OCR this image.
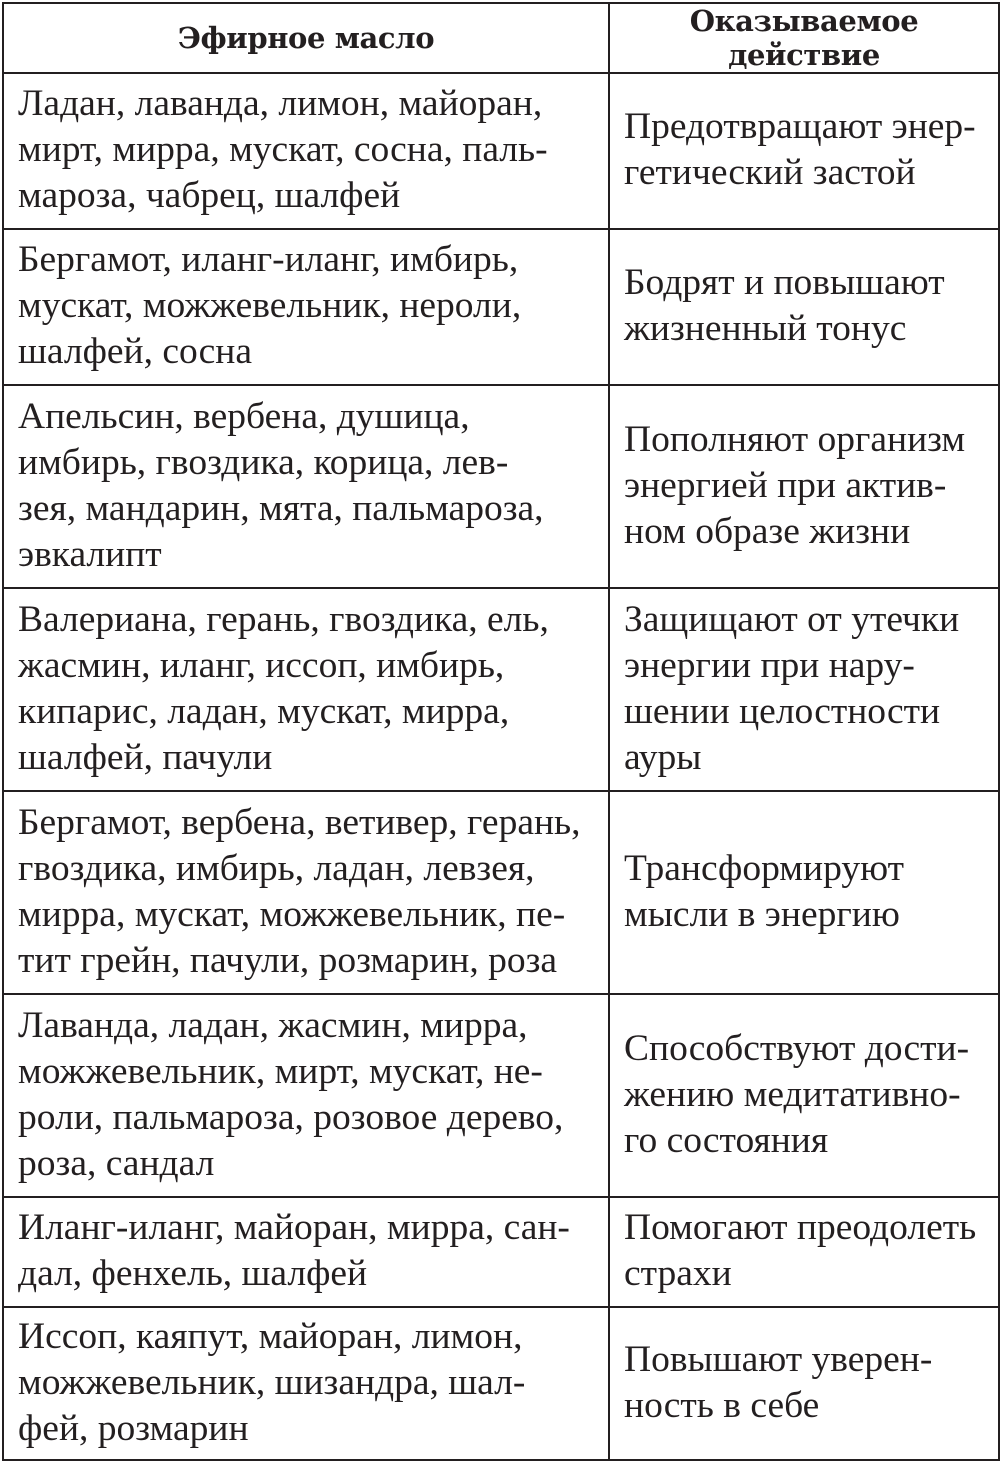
Эфирное масло	Оказываемое действие

Ладан, лаванда, лимон, майоран,
мирт, мирра, мускат, сосна, паль-
мароза, чабрец, шалфей	Предотвращают энер-
гетический застой

Бергамот, иланг-иланг, имбирь,
мускат, можжевельник, нероли,
шалфей, сосна	Бодрят и повышают
жизненный тонус

Апельсин, вербена, душица,
имбирь, гвоздика, корица, лев-
зея, мандарин, мята, пальмароза,
эвкалипт	Пополняют организм
энергией при актив-
ном образе жизни

Валериана, герань, гвоздика, ель,
жасмин, иланг, иссоп, имбирь,
кипарис, ладан, мускат, мирра,
шалфей, пачули	Защищают от утечки
энергии при нару-
шении целостности
ауры

Бергамот, вербена, ветивер, герань,
гвоздика, имбирь, ладан, левзея,
мирра, мускат, можжевельник, пе-
тит грейн, пачули, розмарин, роза	Трансформируют
мысли в энергию

Лаванда, ладан, жасмин, мирра,
можжевельник, мирт, мускат, не-
роли, пальмароза, розовое дерево,
роза, сандал	Способствуют дости-
жению медитативно-
го состояния

Иланг-иланг, майоран, мирра, сан-
дал, фенхель, шалфей	Помогают преодолеть
страхи

Иссоп, каяпут, майоран, лимон,
можжевельник, шизандра, шал-
фей, розмарин	Повышают уверен-
ность в себе
